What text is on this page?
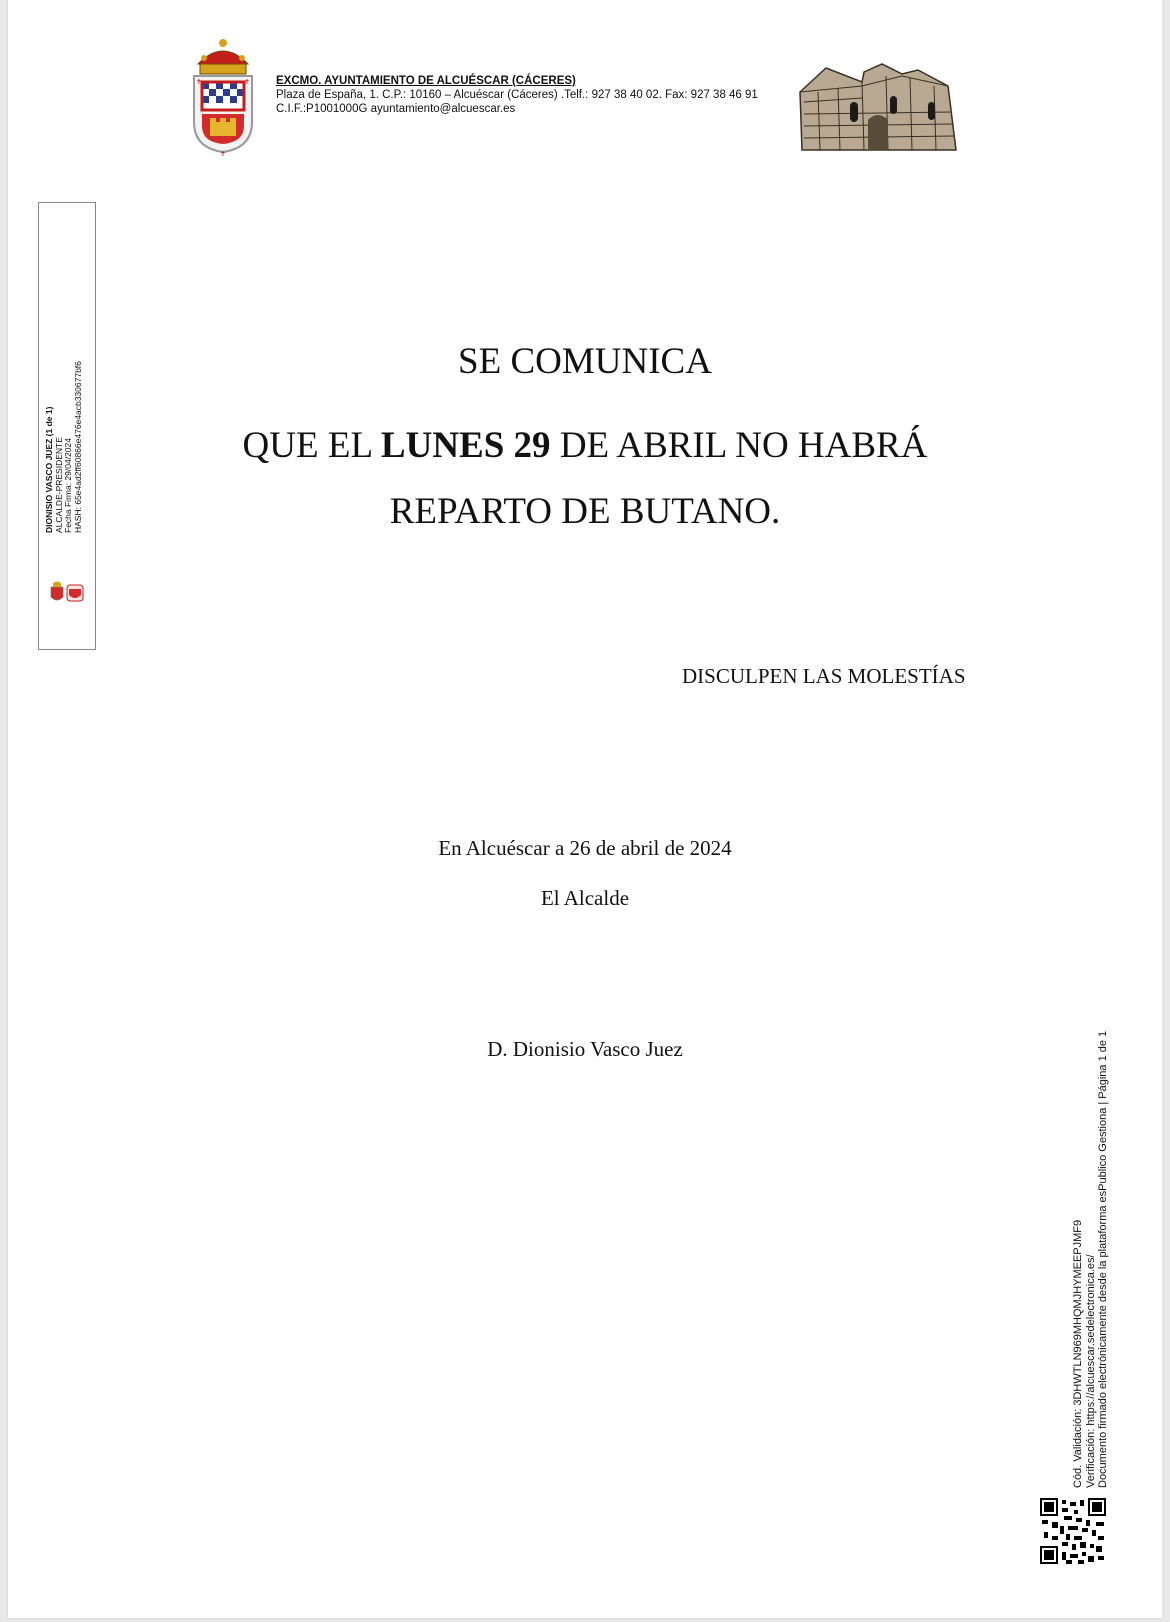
✝	✝
✝
EXCMO. AYUNTAMIENTO DE ALCUÉSCAR (CÁCERES)
Plaza de España, 1. C.P.: 10160 – Alcuéscar (Cáceres) .Telf.: 927 38 40 02. Fax: 927 38 46 91
C.I.F.:P1001000G ayuntamiento@alcuescar.es
DIONISIO VASCO JUEZ (1 de 1) ALCALDE-PRESIDENTE Fecha Firma: 29/04/2024 HASH: 65e4ad2ff60866e476e4acb330677bf6	SE COMUNICA
QUE EL LUNES 29 DE ABRIL NO HABRÁ
REPARTO DE BUTANO.
DISCULPEN LAS MOLESTÍAS
En Alcuéscar a 26 de abril de 2024
El Alcalde
D. Dionisio Vasco Juez
Cód. Validación: 3DHWTLN969MHQMJHYMEEPJMF9 Verificación: https://alcuescar.sedelectronica.es/ Documento firmado electrónicamente desde la plataforma esPublico Gestiona | Página 1 de 1
